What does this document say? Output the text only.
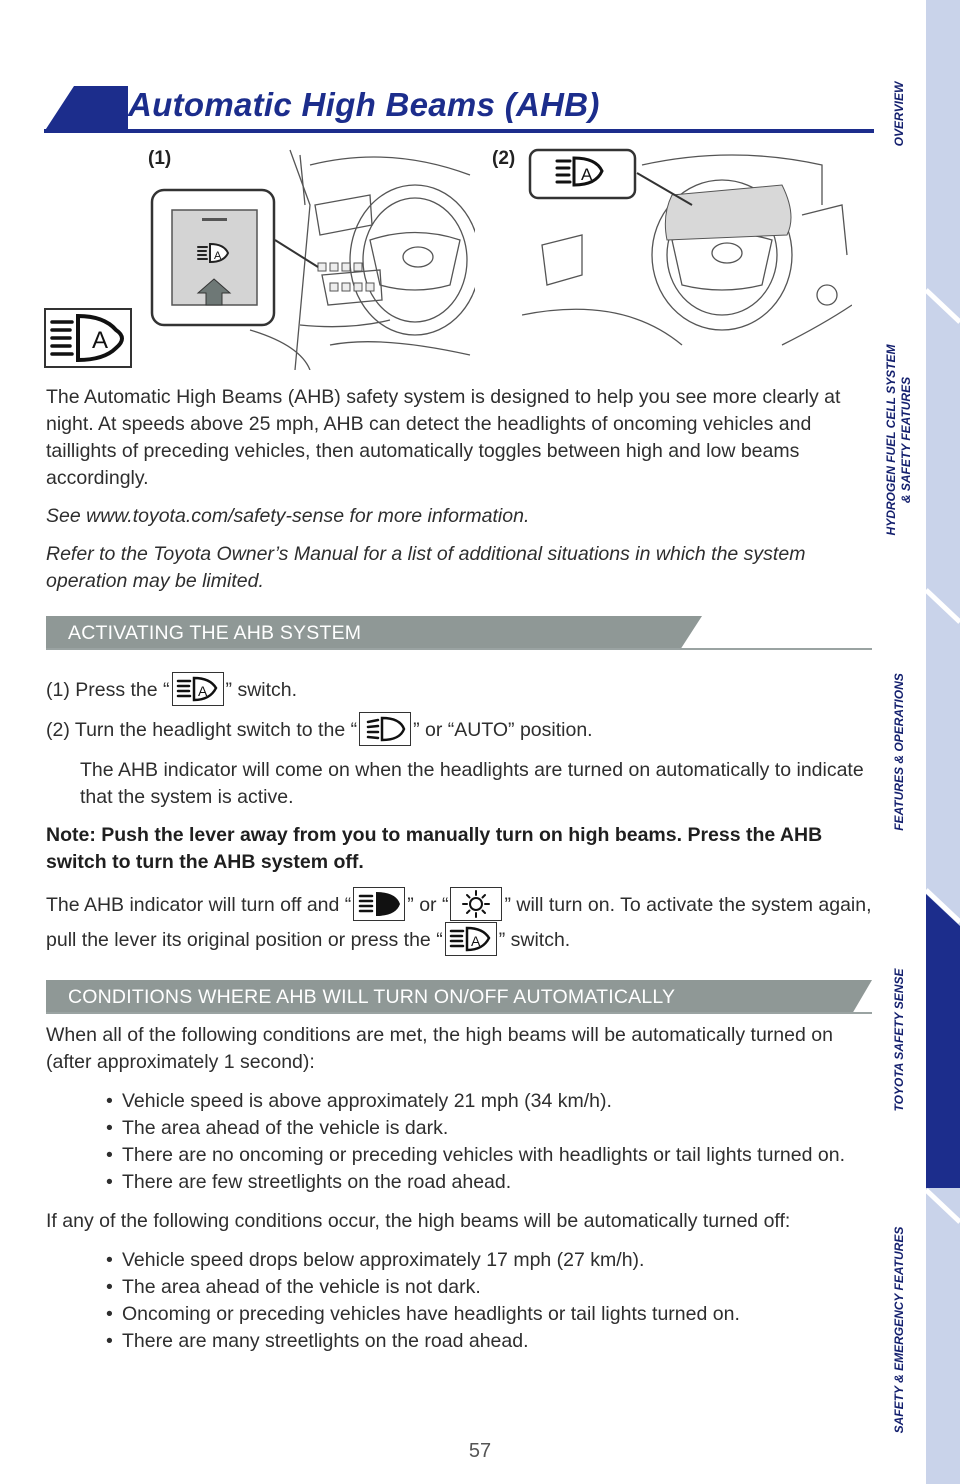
Automatic High Beams (AHB)
(1)	(2)
A
A
A

The Automatic High Beams (AHB) safety system is designed to help you see more clearly at night. At speeds above 25 mph, AHB can detect the headlights of oncoming vehicles and taillights of preceding vehicles, then automatically toggles between high and low beams accordingly.

See www.toyota.com/safety-sense for more information.

Refer to the Toyota Owner’s Manual for a list of additional situations in which the system operation may be limited.

ACTIVATING THE AHB SYSTEM

(1) Press the “ A ” switch.

(2) Turn the headlight switch to the “	” or “AUTO” position.

The AHB indicator will come on when the headlights are turned on automatically to indicate that the system is active.

Note: Push the lever away from you to manually turn on high beams. Press the AHB switch to turn the AHB system off.

The AHB indicator will turn off and “	” or “	” will turn on. To activate the system again, pull the lever its original position or press the “ A ” switch.

CONDITIONS WHERE AHB WILL TURN ON/OFF AUTOMATICALLY

When all of the following conditions are met, the high beams will be automatically turned on (after approximately 1 second):

• Vehicle speed is above approximately 21 mph (34 km/h).
• The area ahead of the vehicle is dark.
• There are no oncoming or preceding vehicles with headlights or tail lights turned on.
• There are few streetlights on the road ahead.

If any of the following conditions occur, the high beams will be automatically turned off:

• Vehicle speed drops below approximately 17 mph (27 km/h).
• The area ahead of the vehicle is not dark.
• Oncoming or preceding vehicles have headlights or tail lights turned on.
• There are many streetlights on the road ahead.
57
OVERVIEW
HYDROGEN FUEL CELL SYSTEM & SAFETY FEATURES
FEATURES & OPERATIONS
TOYOTA SAFETY SENSE
SAFETY & EMERGENCY FEATURES
